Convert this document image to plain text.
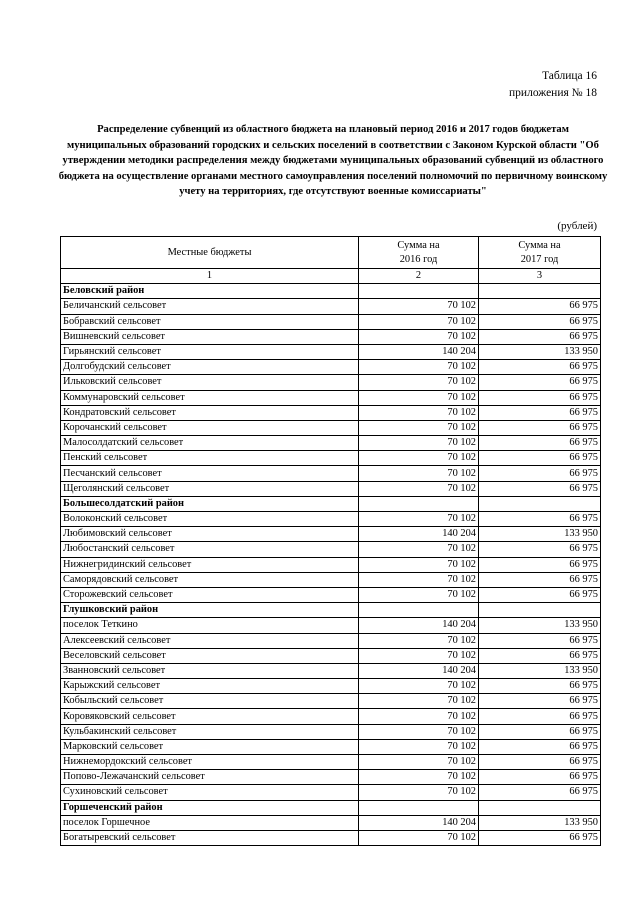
Таблица 16
приложения № 18
Распределение субвенций из областного бюджета на плановый период 2016 и 2017 годов бюджетам муниципальных образований городских и сельских поселений в соответствии с Законом Курской области "Об утверждении методики распределения между бюджетами муниципальных образований субвенций из областного бюджета на осуществление органами местного самоуправления поселений полномочий по первичному воинскому учету на территориях, где отсутствуют военные комиссариаты"
(рублей)
Местные бюджеты	Сумма на 2016 год	Сумма на 2017 год
1	2	3
Беловский район		
Беличанский сельсовет	70 102	66 975
Бобравский сельсовет	70 102	66 975
Вишневский сельсовет	70 102	66 975
Гирьянский сельсовет	140 204	133 950
Долгобудский сельсовет	70 102	66 975
Ильковский сельсовет	70 102	66 975
Коммунаровский сельсовет	70 102	66 975
Кондратовский сельсовет	70 102	66 975
Корочанский сельсовет	70 102	66 975
Малосолдатский сельсовет	70 102	66 975
Пенский сельсовет	70 102	66 975
Песчанский сельсовет	70 102	66 975
Щеголянский сельсовет	70 102	66 975
Большесолдатский район		
Волоконский сельсовет	70 102	66 975
Любимовский сельсовет	140 204	133 950
Любостанский сельсовет	70 102	66 975
Нижнегридинский сельсовет	70 102	66 975
Саморядовский сельсовет	70 102	66 975
Сторожевский сельсовет	70 102	66 975
Глушковский район		
поселок Теткино	140 204	133 950
Алексеевский сельсовет	70 102	66 975
Веселовский сельсовет	70 102	66 975
Званновский сельсовет	140 204	133 950
Карыжский сельсовет	70 102	66 975
Кобыльский сельсовет	70 102	66 975
Коровяковский сельсовет	70 102	66 975
Кульбакинский сельсовет	70 102	66 975
Марковский сельсовет	70 102	66 975
Нижнемордокский сельсовет	70 102	66 975
Попово-Лежачанский сельсовет	70 102	66 975
Сухиновский сельсовет	70 102	66 975
Горшеченский район		
поселок Горшечное	140 204	133 950
Богатыревский сельсовет	70 102	66 975
